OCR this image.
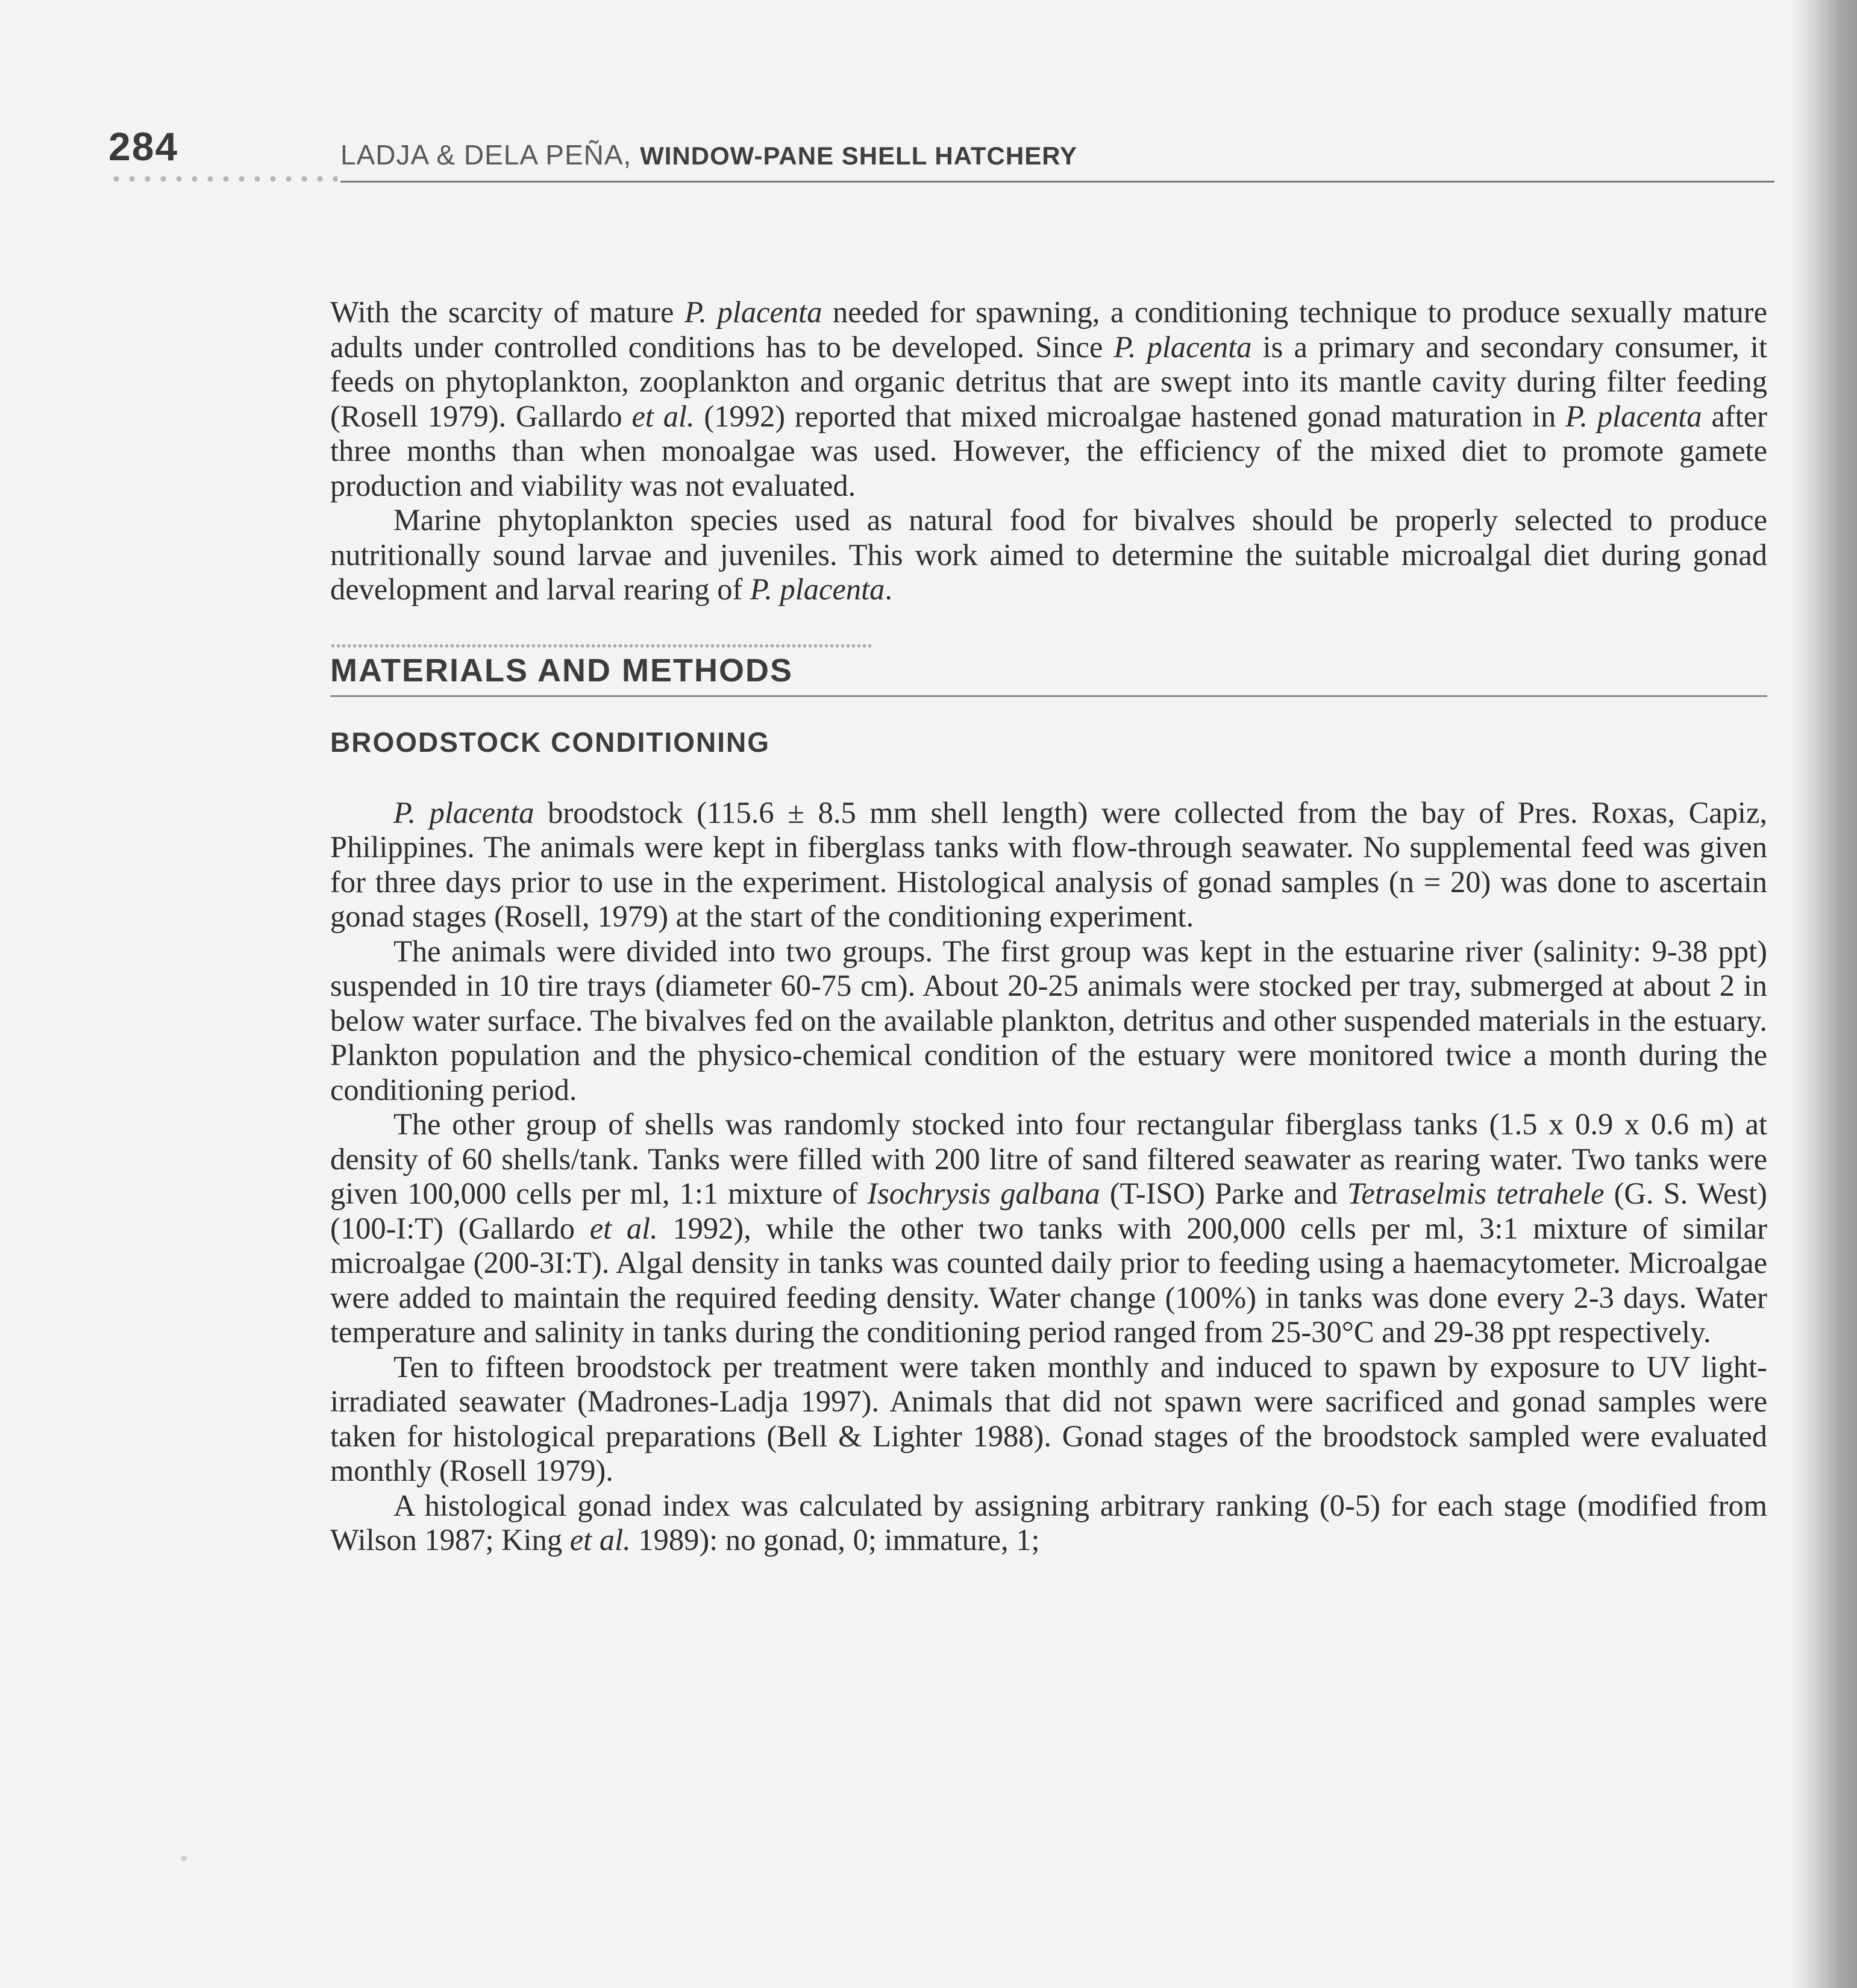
284	LADJA & DELA PEÑA, WINDOW-PANE SHELL HATCHERY

With the scarcity of mature P. placenta needed for spawning, a conditioning technique to produce sexually mature adults under controlled conditions has to be developed. Since P. placenta is a primary and secondary consumer, it feeds on phytoplankton, zooplankton and organic detritus that are swept into its mantle cavity during filter feeding (Rosell 1979). Gallardo et al. (1992) reported that mixed microalgae hastened gonad maturation in P. placenta after three months than when monoalgae was used. However, the efficiency of the mixed diet to promote gamete production and viability was not evaluated.

Marine phytoplankton species used as natural food for bivalves should be properly selected to produce nutritionally sound larvae and juveniles. This work aimed to determine the suitable microalgal diet during gonad development and larval rearing of P. placenta.

MATERIALS AND METHODS
BROODSTOCK CONDITIONING

P. placenta broodstock (115.6 ± 8.5 mm shell length) were collected from the bay of Pres. Roxas, Capiz, Philippines. The animals were kept in fiberglass tanks with flow-through seawater. No supplemental feed was given for three days prior to use in the experiment. Histological analysis of gonad samples (n = 20) was done to ascertain gonad stages (Rosell, 1979) at the start of the conditioning experiment.

The animals were divided into two groups. The first group was kept in the estuarine river (salinity: 9-38 ppt) suspended in 10 tire trays (diameter 60-75 cm). About 20-25 animals were stocked per tray, submerged at about 2 in below water surface. The bivalves fed on the available plankton, detritus and other suspended materials in the estuary. Plankton population and the physico-chemical condition of the estuary were monitored twice a month during the conditioning period.

The other group of shells was randomly stocked into four rectangular fiberglass tanks (1.5 x 0.9 x 0.6 m) at density of 60 shells/tank. Tanks were filled with 200 litre of sand filtered seawater as rearing water. Two tanks were given 100,000 cells per ml, 1:1 mixture of Isochrysis galbana (T-ISO) Parke and Tetraselmis tetrahele (G. S. West) (100-I:T) (Gallardo et al. 1992), while the other two tanks with 200,000 cells per ml, 3:1 mixture of similar microalgae (200-3I:T). Algal density in tanks was counted daily prior to feeding using a haemacytometer. Microalgae were added to maintain the required feeding density. Water change (100%) in tanks was done every 2-3 days. Water temperature and salinity in tanks during the conditioning period ranged from 25-30°C and 29-38 ppt respectively.

Ten to fifteen broodstock per treatment were taken monthly and induced to spawn by exposure to UV light-irradiated seawater (Madrones-Ladja 1997). Animals that did not spawn were sacrificed and gonad samples were taken for histological preparations (Bell & Lighter 1988). Gonad stages of the broodstock sampled were evaluated monthly (Rosell 1979).

A histological gonad index was calculated by assigning arbitrary ranking (0-5) for each stage (modified from Wilson 1987; King et al. 1989): no gonad, 0; immature, 1;
